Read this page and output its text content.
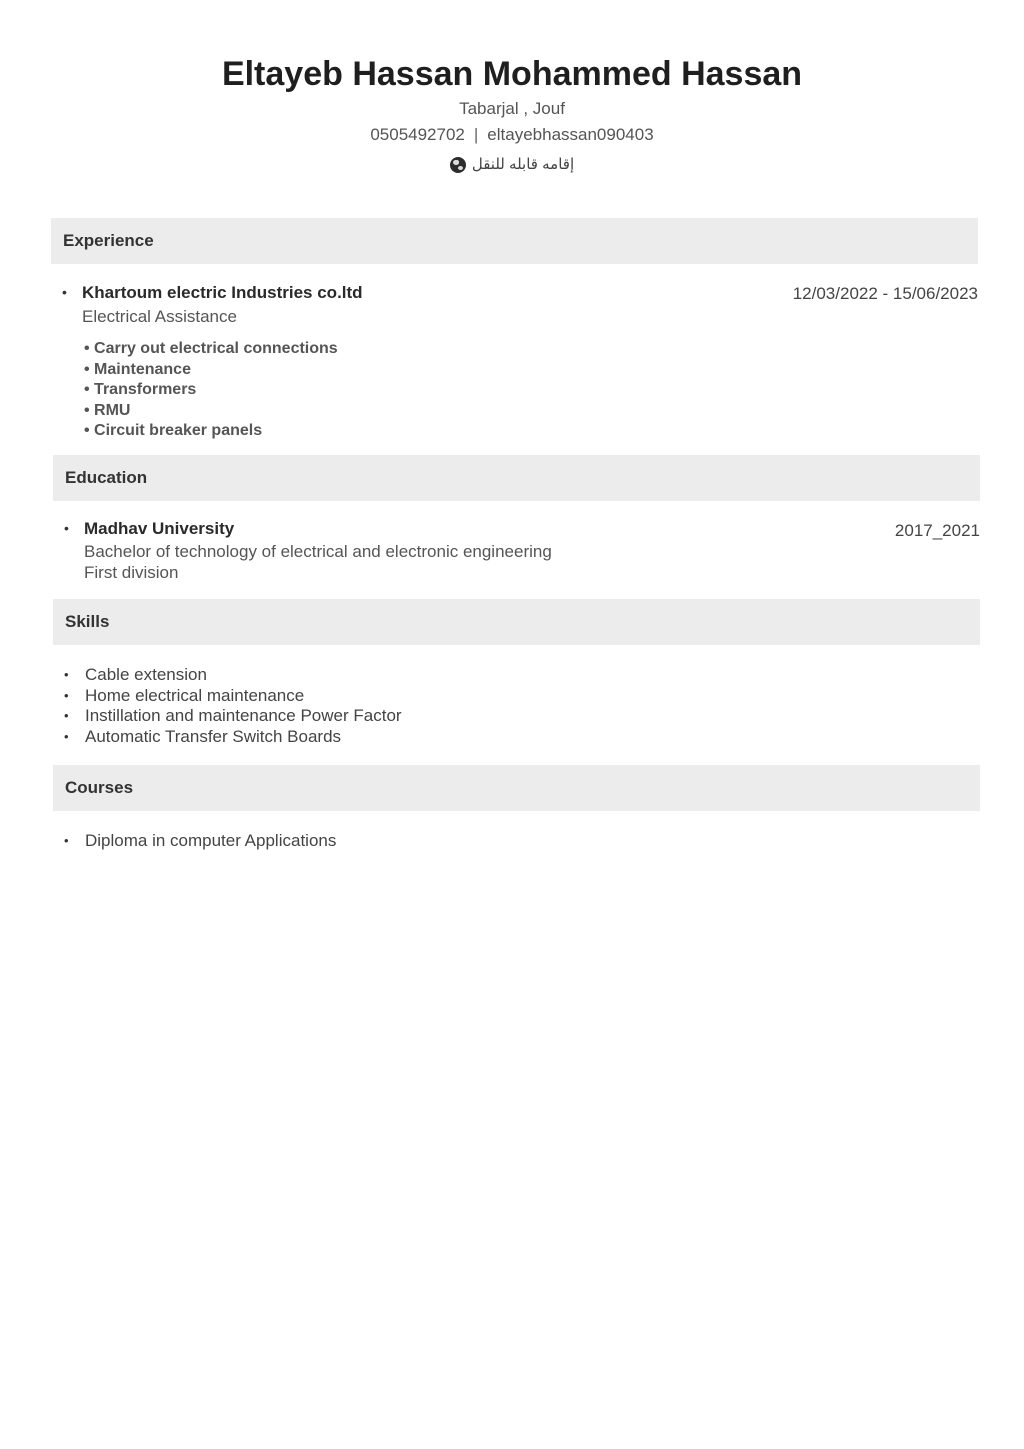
Eltayeb Hassan Mohammed Hassan
Tabarjal , Jouf
0505492702 | eltayebhassan090403
إقامه قابله للنقل
Experience
• Khartoum electric Industries co.ltd
Electrical Assistance
12/03/2022 - 15/06/2023
• Carry out electrical connections
• Maintenance
• Transformers
• RMU
• Circuit breaker panels
Education
• Madhav University
Bachelor of technology of electrical and electronic engineering
First division
2017_2021
Skills
• Cable extension
• Home electrical maintenance
• Instillation and maintenance Power Factor
• Automatic Transfer Switch Boards
Courses
• Diploma in computer Applications
